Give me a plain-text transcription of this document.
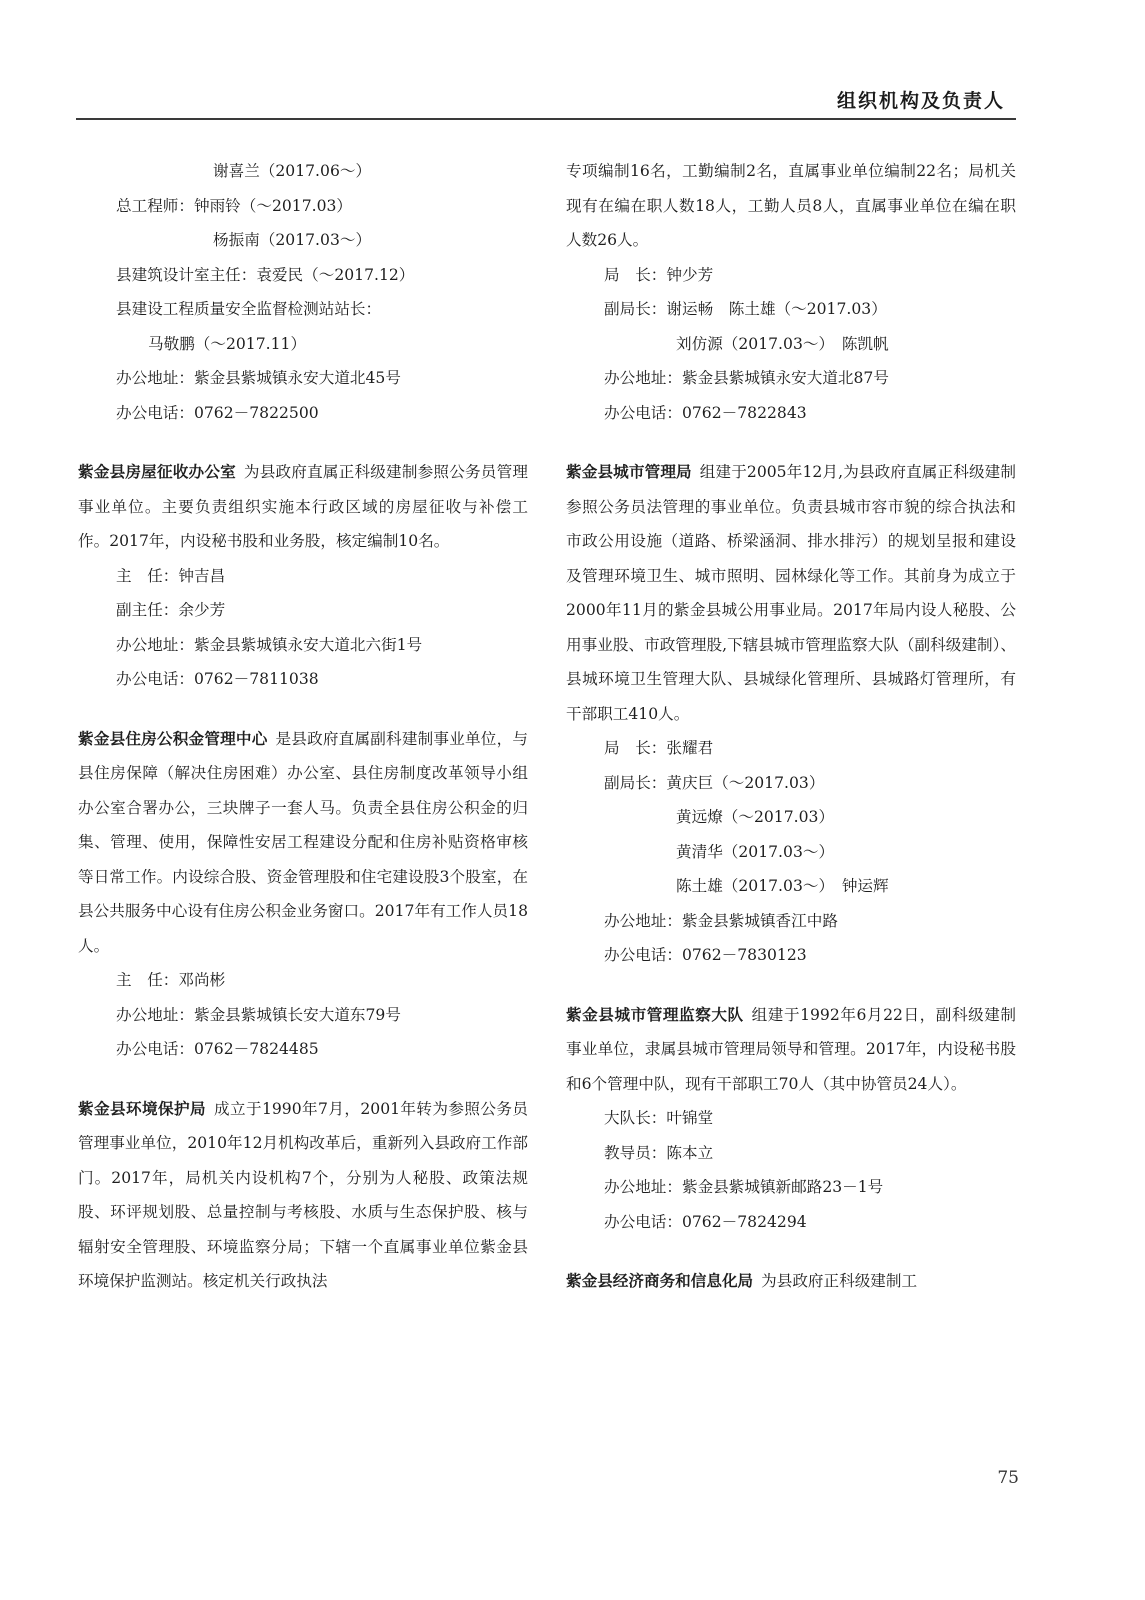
组织机构及负责人
谢喜兰（2017.06～）
总工程师：钟雨铃（～2017.03）
杨振南（2017.03～）
县建筑设计室主任：袁爱民（～2017.12）
县建设工程质量安全监督检测站站长：
马敬鹏（～2017.11）
办公地址：紫金县紫城镇永安大道北45号
办公电话：0762－7822500
紫金县房屋征收办公室 为县政府直属正科级建制参照公务员管理事业单位。主要负责组织实施本行政区域的房屋征收与补偿工作。2017年，内设秘书股和业务股，核定编制10名。
主　任：钟吉昌
副主任：余少芳
办公地址：紫金县紫城镇永安大道北六街1号
办公电话：0762－7811038
紫金县住房公积金管理中心 是县政府直属副科建制事业单位，与县住房保障（解决住房困难）办公室、县住房制度改革领导小组办公室合署办公，三块牌子一套人马。负责全县住房公积金的归集、管理、使用，保障性安居工程建设分配和住房补贴资格审核等日常工作。内设综合股、资金管理股和住宅建设股3个股室，在县公共服务中心设有住房公积金业务窗口。2017年有工作人员18人。
主　任：邓尚彬
办公地址：紫金县紫城镇长安大道东79号
办公电话：0762－7824485
紫金县环境保护局 成立于1990年7月，2001年转为参照公务员管理事业单位，2010年12月机构改革后，重新列入县政府工作部门。2017年，局机关内设机构7个，分别为人秘股、政策法规股、环评规划股、总量控制与考核股、水质与生态保护股、核与辐射安全管理股、环境监察分局；下辖一个直属事业单位紫金县环境保护监测站。核定机关行政执法
专项编制16名，工勤编制2名，直属事业单位编制22名；局机关现有在编在职人数18人，工勤人员8人，直属事业单位在编在职人数26人。
局　长：钟少芳
副局长：谢运畅　陈土雄（～2017.03）
刘仿源（2017.03～）　陈凯帆
办公地址：紫金县紫城镇永安大道北87号
办公电话：0762－7822843
紫金县城市管理局 组建于2005年12月,为县政府直属正科级建制参照公务员法管理的事业单位。负责县城市容市貌的综合执法和市政公用设施（道路、桥梁涵洞、排水排污）的规划呈报和建设及管理环境卫生、城市照明、园林绿化等工作。其前身为成立于2000年11月的紫金县城公用事业局。2017年局内设人秘股、公用事业股、市政管理股,下辖县城市管理监察大队（副科级建制）、县城环境卫生管理大队、县城绿化管理所、县城路灯管理所，有干部职工410人。
局　长：张耀君
副局长：黄庆巨（～2017.03）
黄远燎（～2017.03）
黄清华（2017.03～）
陈土雄（2017.03～）　钟运辉
办公地址：紫金县紫城镇香江中路
办公电话：0762－7830123
紫金县城市管理监察大队 组建于1992年6月22日，副科级建制事业单位，隶属县城市管理局领导和管理。2017年，内设秘书股和6个管理中队，现有干部职工70人（其中协管员24人）。
大队长：叶锦堂
教导员：陈本立
办公地址：紫金县紫城镇新邮路23－1号
办公电话：0762－7824294
紫金县经济商务和信息化局 为县政府正科级建制工
75
